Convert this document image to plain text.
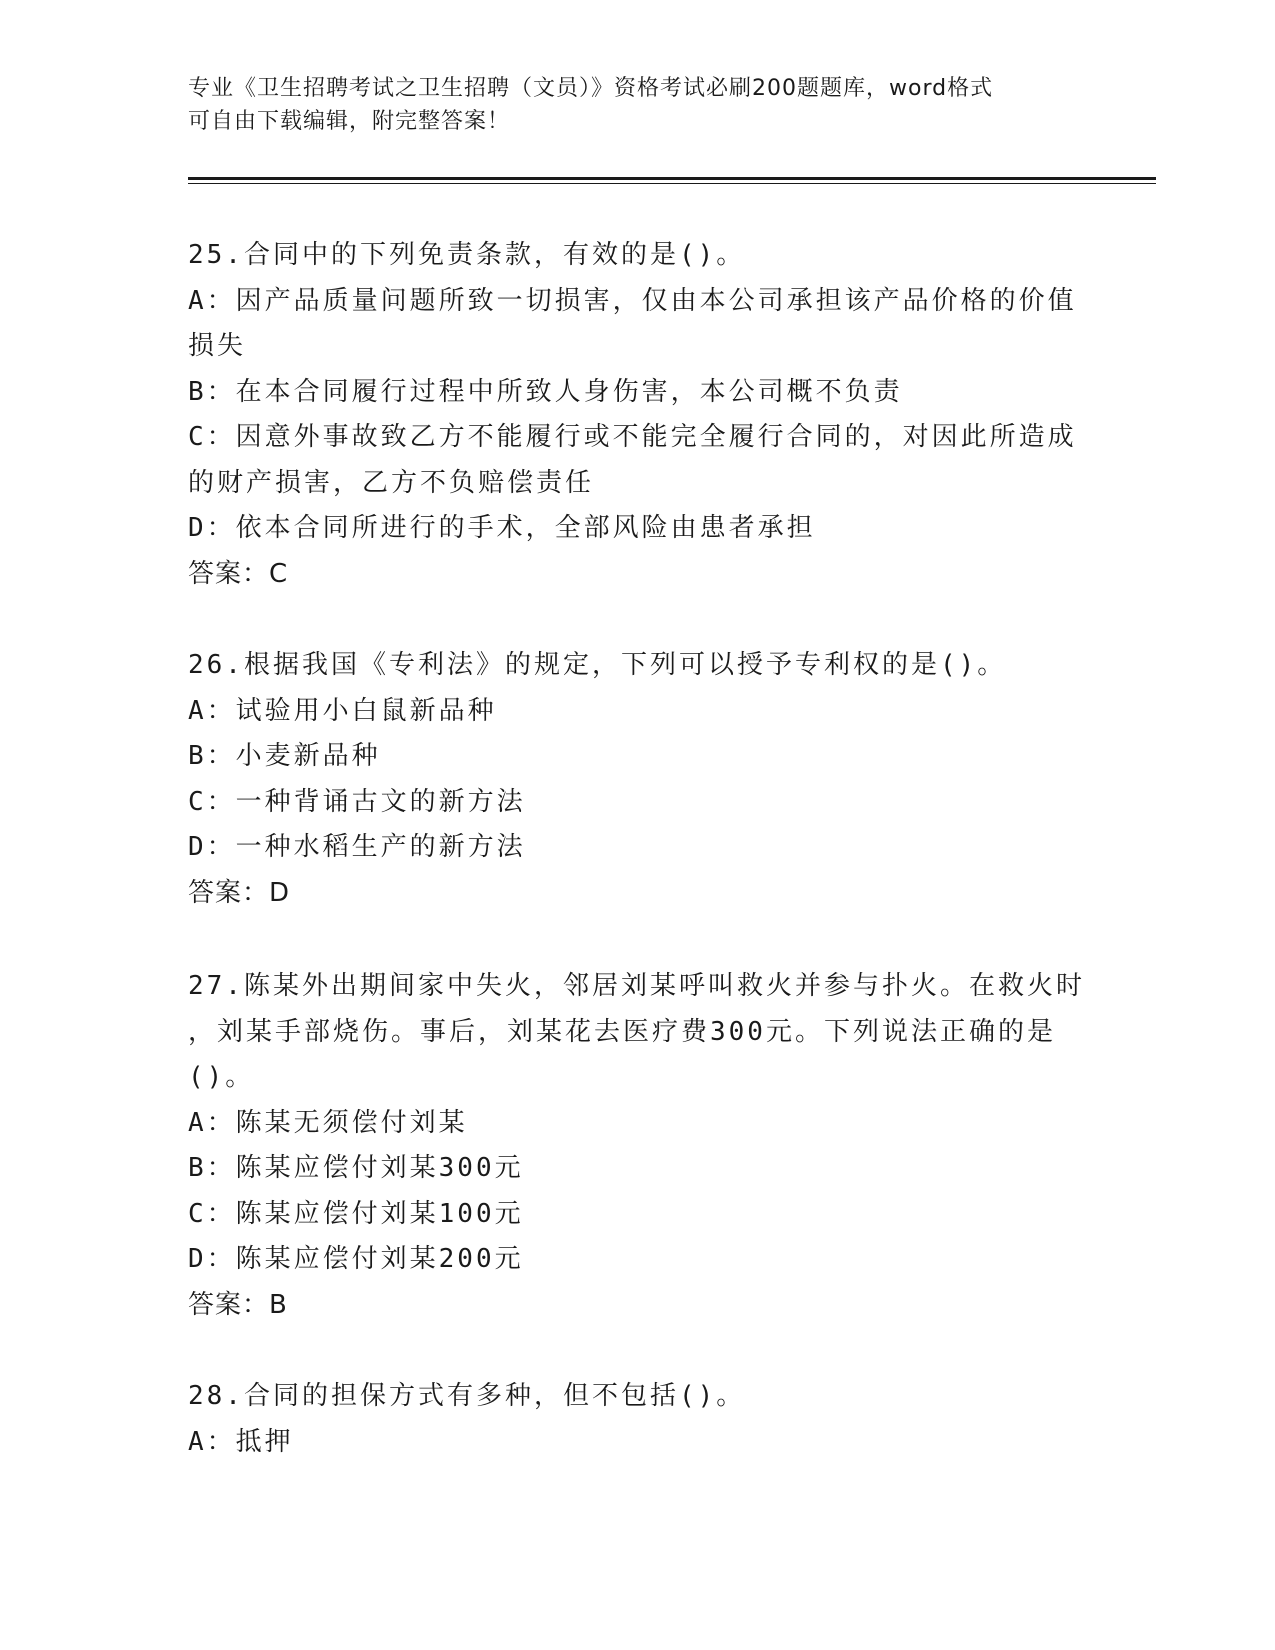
专业《卫生招聘考试之卫生招聘（文员）》资格考试必刷200题题库，word格式
可自由下载编辑，附完整答案！
25.合同中的下列免责条款，有效的是()。
A：因产品质量问题所致一切损害，仅由本公司承担该产品价格的价值
损失
B：在本合同履行过程中所致人身伤害，本公司概不负责
C：因意外事故致乙方不能履行或不能完全履行合同的，对因此所造成
的财产损害，乙方不负赔偿责任
D：依本合同所进行的手术，全部风险由患者承担
答案：C
26.根据我国《专利法》的规定，下列可以授予专利权的是()。
A：试验用小白鼠新品种
B：小麦新品种
C：一种背诵古文的新方法
D：一种水稻生产的新方法
答案：D
27.陈某外出期间家中失火，邻居刘某呼叫救火并参与扑火。在救火时
，刘某手部烧伤。事后，刘某花去医疗费300元。下列说法正确的是
()。
A：陈某无须偿付刘某
B：陈某应偿付刘某300元
C：陈某应偿付刘某100元
D：陈某应偿付刘某200元
答案：B
28.合同的担保方式有多种，但不包括()。
A：抵押
